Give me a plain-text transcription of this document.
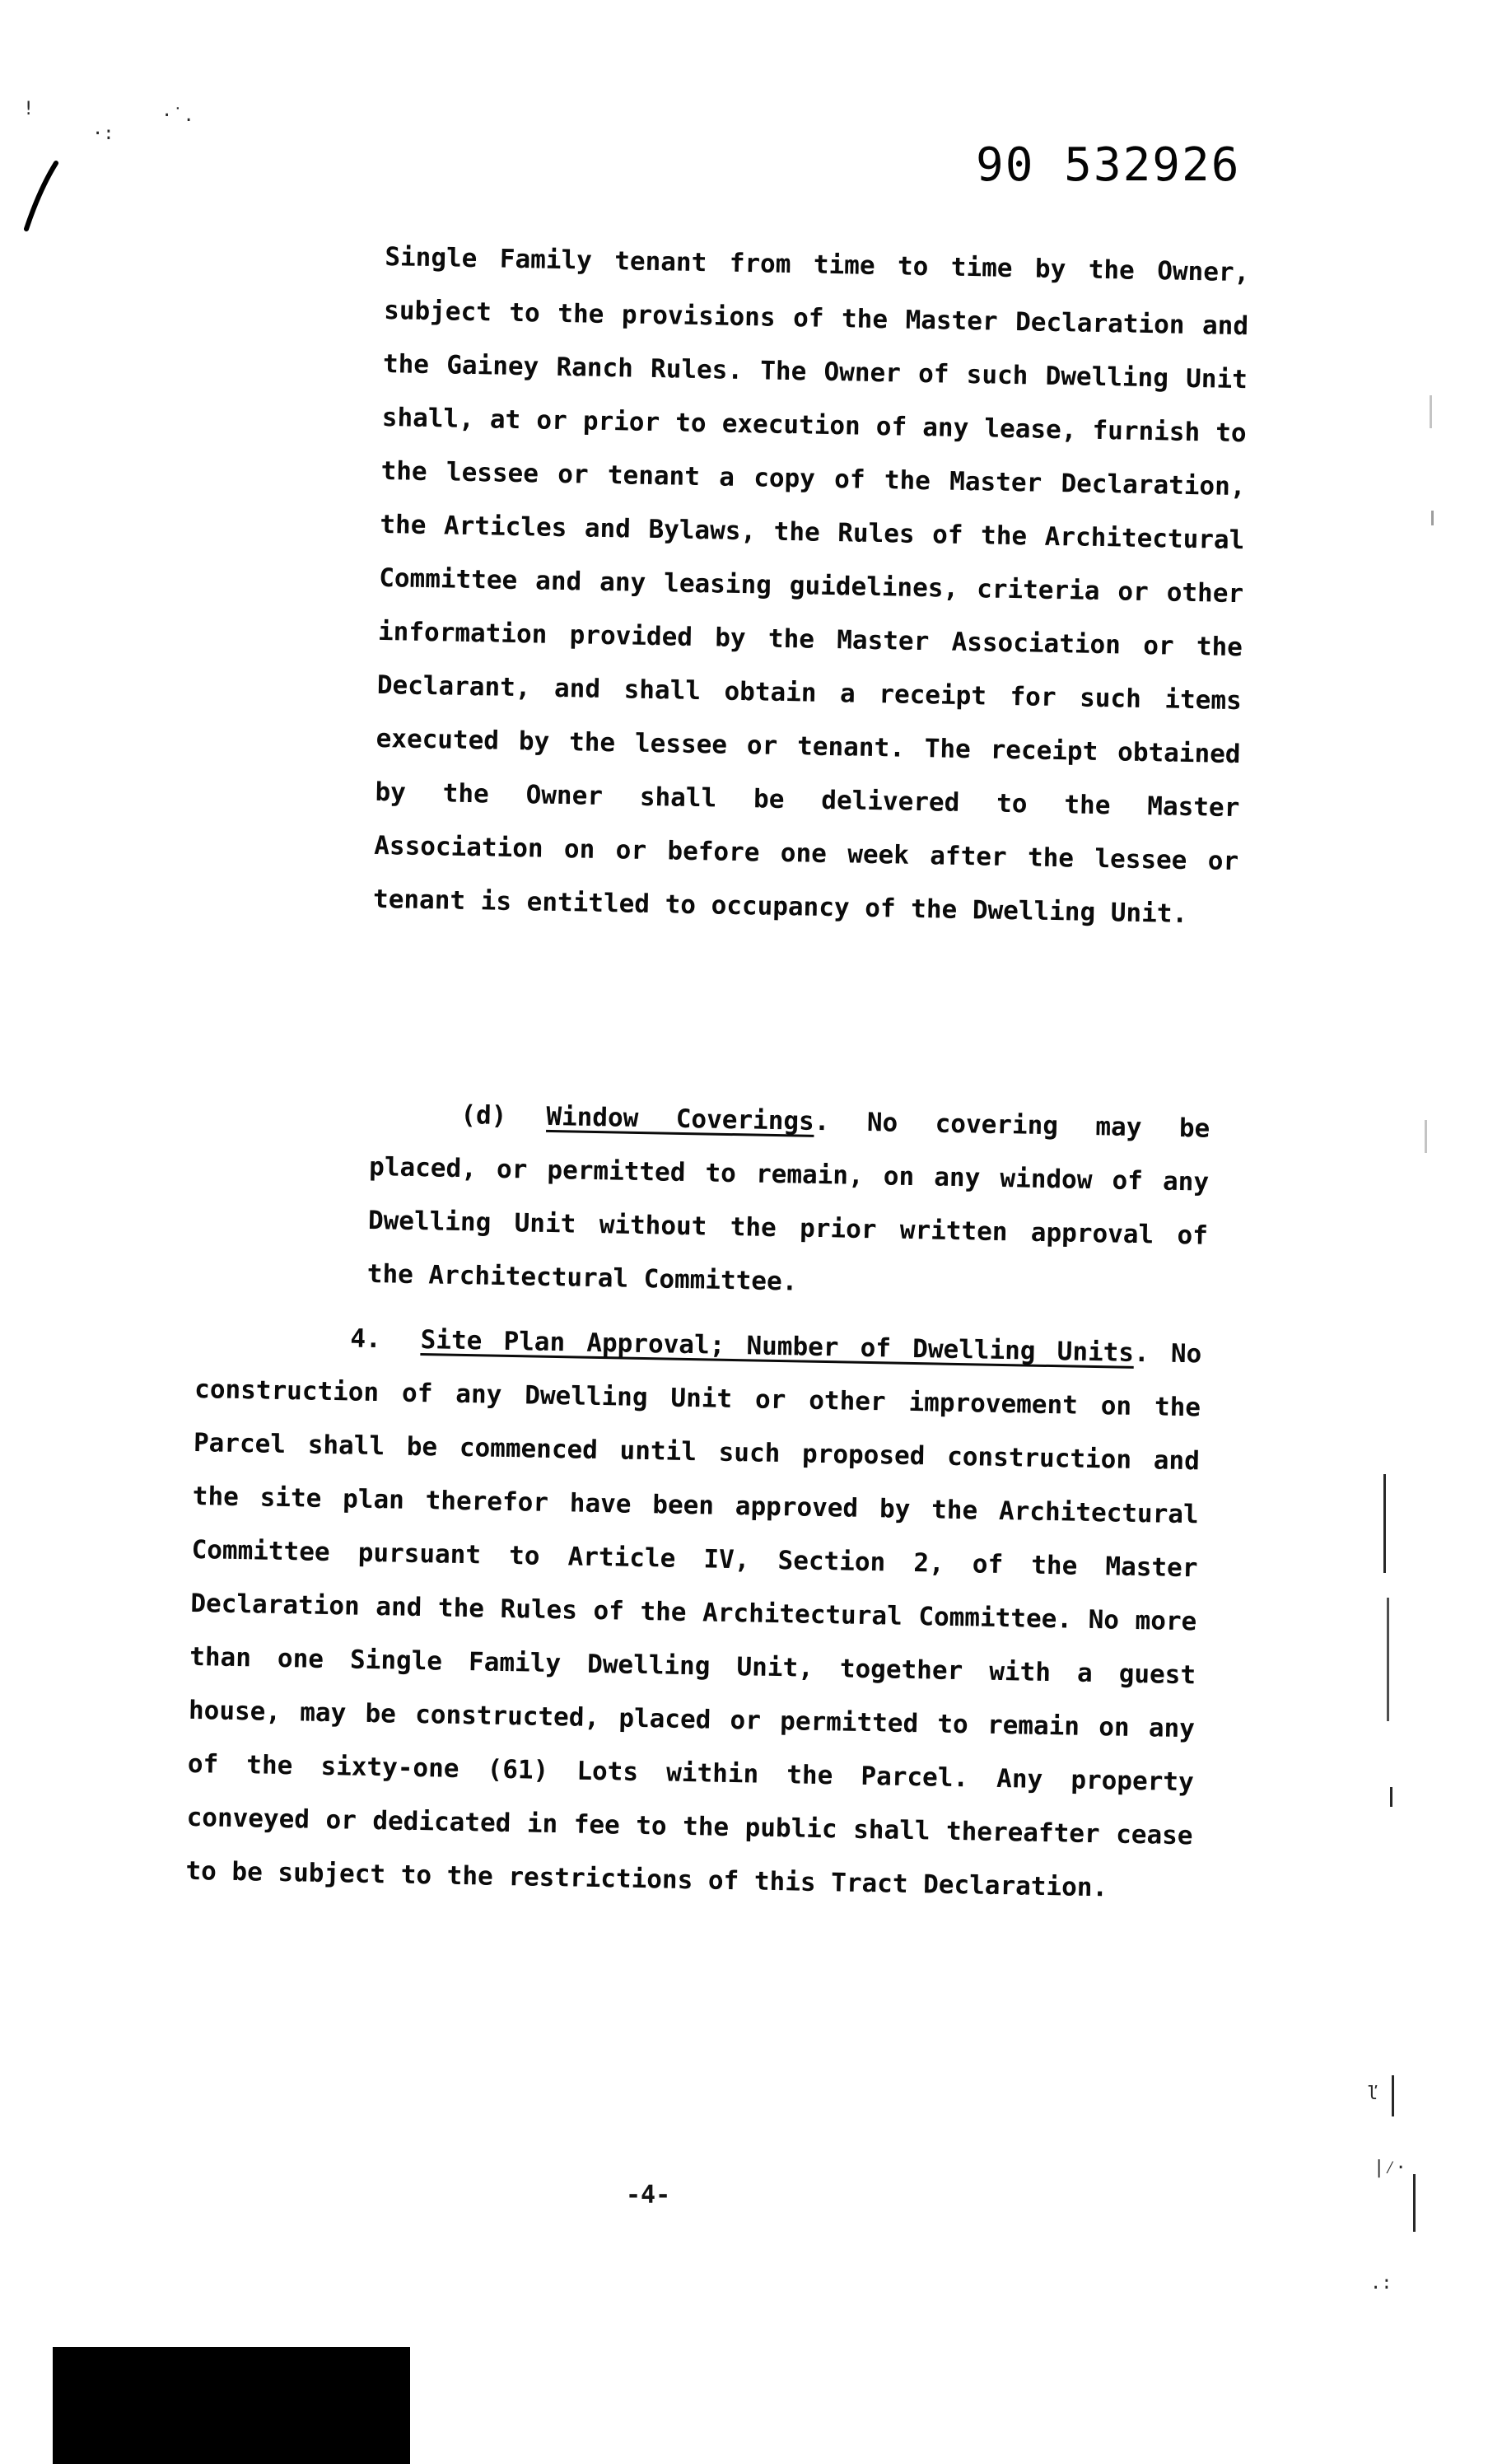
!
·:
·˙.
90 532926

Single Family tenant from time to time by the Owner, subject to the provisions of the Master Declaration and the Gainey Ranch Rules. The Owner of such Dwelling Unit shall, at or prior to execution of any lease, furnish to the lessee or tenant a copy of the Master Declaration, the Articles and Bylaws, the Rules of the Architectural Committee and any leasing guidelines, criteria or other information provided by the Master Association or the Declarant, and shall obtain a receipt for such items executed by the lessee or tenant. The receipt obtained by the Owner shall be delivered to the Master Association on or before one week after the lessee or tenant is entitled to occupancy of the Dwelling Unit.

(d) Window Coverings. No covering may be placed, or permitted to remain, on any window of any Dwelling Unit without the prior written approval of the Architectural Committee.

4. Site Plan Approval; Number of Dwelling Units. No construction of any Dwelling Unit or other improvement on the Parcel shall be commenced until such proposed construction and the site plan therefor have been approved by the Architectural Committee pursuant to Article IV, Section 2, of the Master Declaration and the Rules of the Architectural Committee. No more than one Single Family Dwelling Unit, together with a guest house, may be constructed, placed or permitted to remain on any of the sixty-one (61) Lots within the Parcel. Any property conveyed or dedicated in fee to the public shall thereafter cease to be subject to the restrictions of this Tract Declaration.

-4-
ľ
|⁄·
.:
